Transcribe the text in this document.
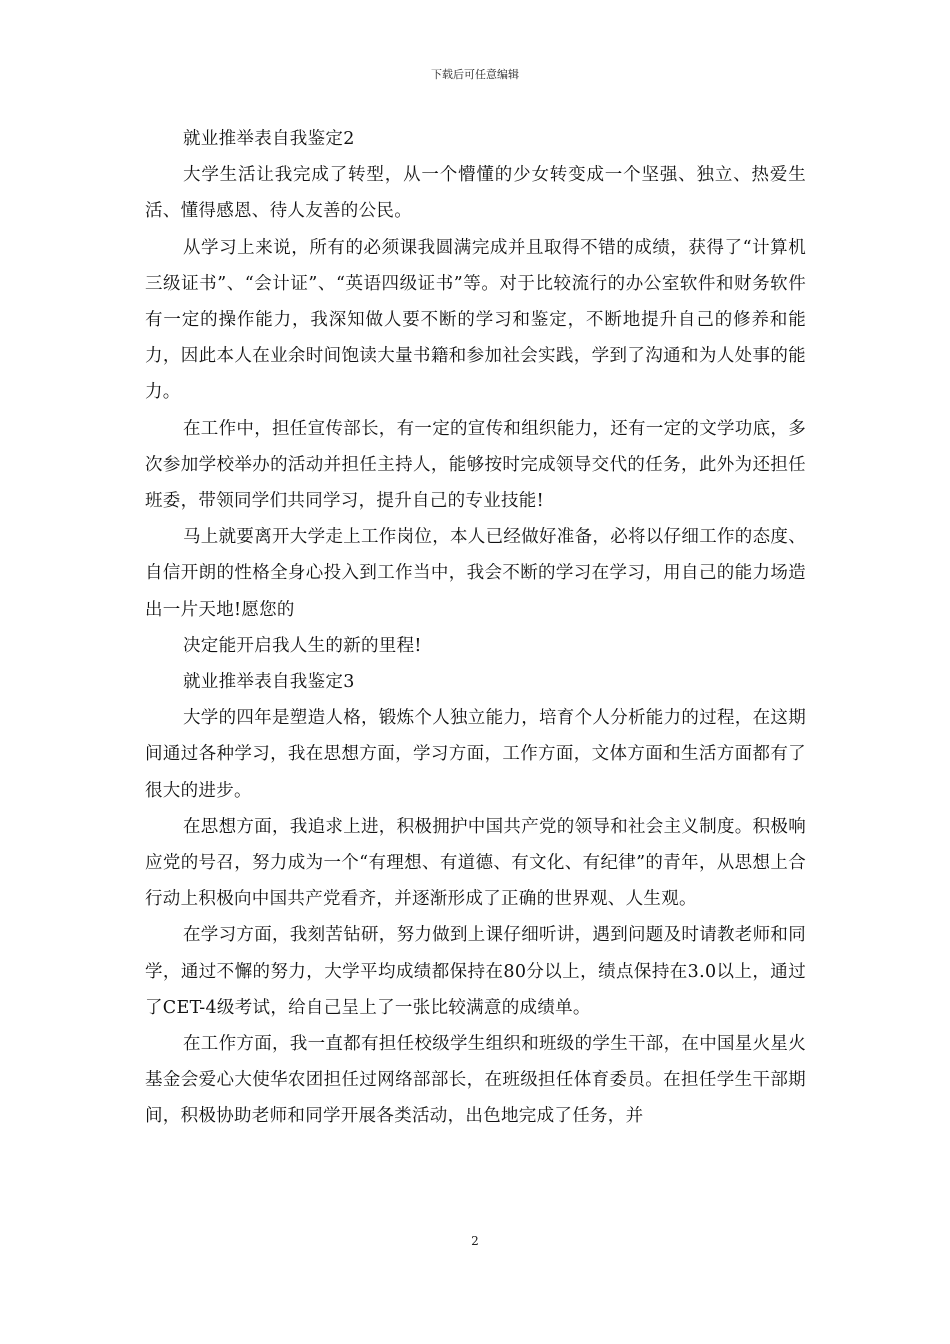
下载后可任意编辑

就业推举表自我鉴定2

大学生活让我完成了转型，从一个懵懂的少女转变成一个坚强、独立、热爱生活、懂得感恩、待人友善的公民。

从学习上来说，所有的必须课我圆满完成并且取得不错的成绩，获得了“计算机三级证书”、“会计证”、“英语四级证书”等。对于比较流行的办公室软件和财务软件有一定的操作能力，我深知做人要不断的学习和鉴定，不断地提升自己的修养和能力，因此本人在业余时间饱读大量书籍和参加社会实践，学到了沟通和为人处事的能力。

在工作中，担任宣传部长，有一定的宣传和组织能力，还有一定的文学功底，多次参加学校举办的活动并担任主持人，能够按时完成领导交代的任务，此外为还担任班委，带领同学们共同学习，提升自己的专业技能!

马上就要离开大学走上工作岗位，本人已经做好准备，必将以仔细工作的态度、自信开朗的性格全身心投入到工作当中，我会不断的学习在学习，用自己的能力场造出一片天地!愿您的

决定能开启我人生的新的里程!

就业推举表自我鉴定3

大学的四年是塑造人格，锻炼个人独立能力，培育个人分析能力的过程，在这期间通过各种学习，我在思想方面，学习方面，工作方面，文体方面和生活方面都有了很大的进步。

在思想方面，我追求上进，积极拥护中国共产党的领导和社会主义制度。积极响应党的号召，努力成为一个“有理想、有道德、有文化、有纪律”的青年，从思想上合行动上积极向中国共产党看齐，并逐渐形成了正确的世界观、人生观。

在学习方面，我刻苦钻研，努力做到上课仔细听讲，遇到问题及时请教老师和同学，通过不懈的努力，大学平均成绩都保持在80分以上，绩点保持在3.0以上，通过了CET-4级考试，给自己呈上了一张比较满意的成绩单。

在工作方面，我一直都有担任校级学生组织和班级的学生干部，在中国星火星火基金会爱心大使华农团担任过网络部部长，在班级担任体育委员。在担任学生干部期间，积极协助老师和同学开展各类活动，出色地完成了任务，并

2
